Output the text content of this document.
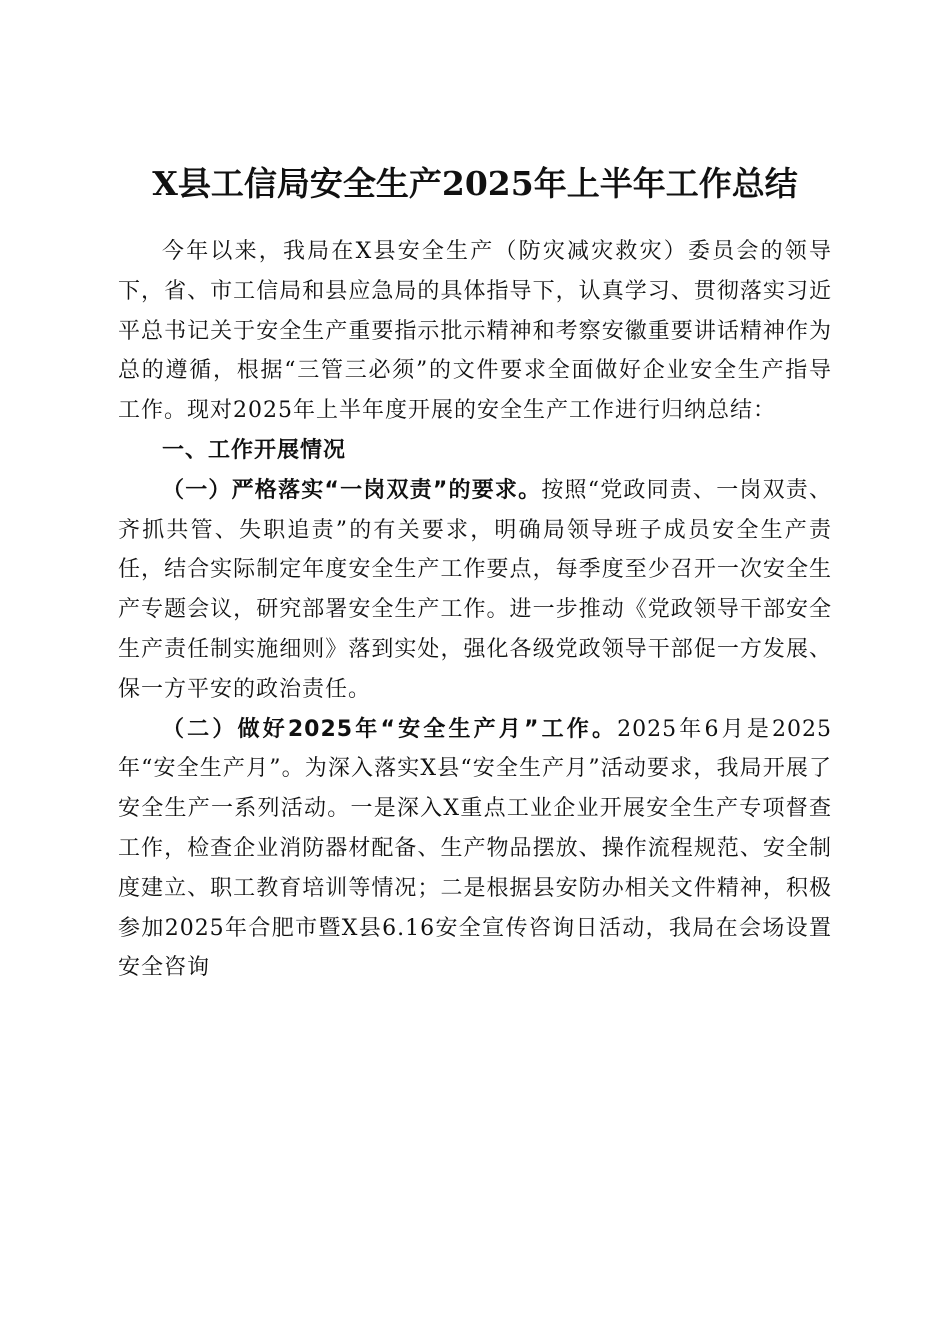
X县工信局安全生产2025年上半年工作总结

今年以来，我局在X县安全生产（防灾减灾救灾）委员会的领导下，省、市工信局和县应急局的具体指导下，认真学习、贯彻落实习近平总书记关于安全生产重要指示批示精神和考察安徽重要讲话精神作为总的遵循，根据“三管三必须”的文件要求全面做好企业安全生产指导工作。现对2025年上半年度开展的安全生产工作进行归纳总结：

一、工作开展情况

（一）严格落实“一岗双责”的要求。按照“党政同责、一岗双责、齐抓共管、失职追责”的有关要求，明确局领导班子成员安全生产责任，结合实际制定年度安全生产工作要点，每季度至少召开一次安全生产专题会议，研究部署安全生产工作。进一步推动《党政领导干部安全生产责任制实施细则》落到实处，强化各级党政领导干部促一方发展、保一方平安的政治责任。

（二）做好2025年“安全生产月”工作。2025年6月是2025年“安全生产月”。为深入落实X县“安全生产月”活动要求，我局开展了安全生产一系列活动。一是深入X重点工业企业开展安全生产专项督查工作，检查企业消防器材配备、生产物品摆放、操作流程规范、安全制度建立、职工教育培训等情况；二是根据县安防办相关文件精神，积极参加2025年合肥市暨X县6.16安全宣传咨询日活动，我局在会场设置安全咨询
